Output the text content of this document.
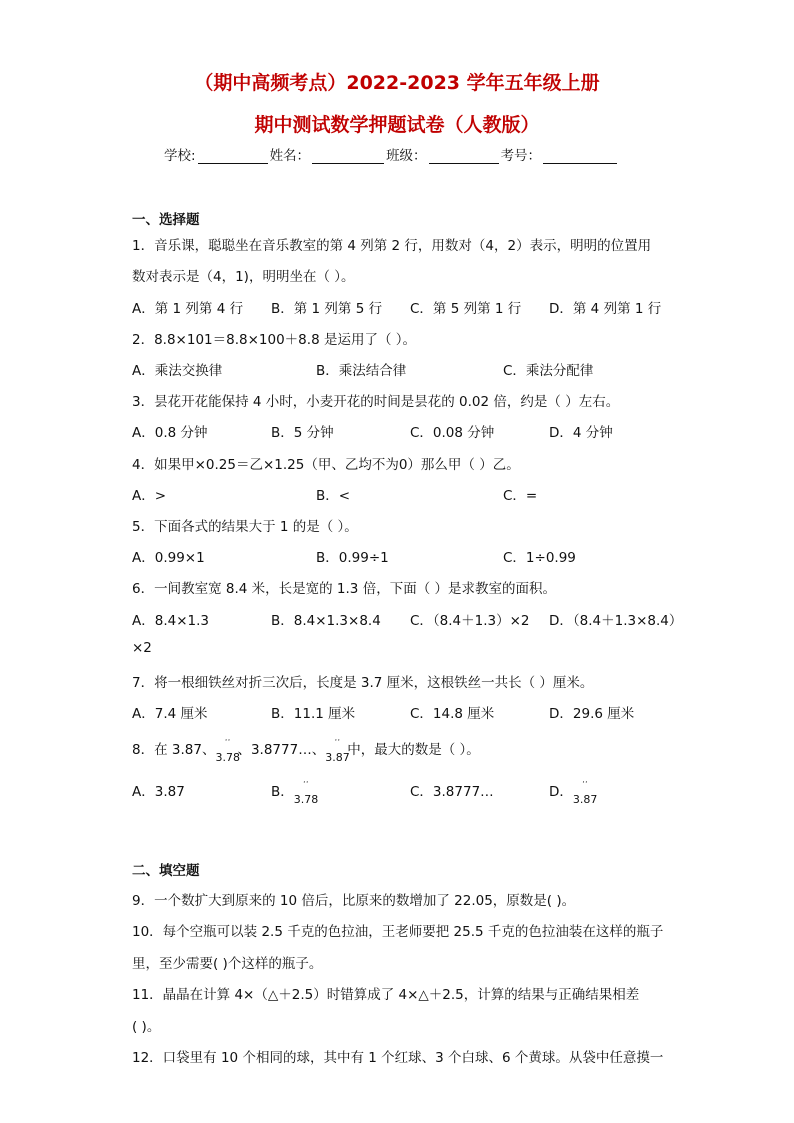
（期中高频考点）2022-2023 学年五年级上册
期中测试数学押题试卷（人教版）
学校:	姓名：	班级：	考号：
一、选择题
1．音乐课，聪聪坐在音乐教室的第 4 列第 2 行，用数对（4，2）表示，明明的位置用
数对表示是（4，1)，明明坐在（ ）。
A．第 1 列第 4 行 B．第 1 列第 5 行 C．第 5 列第 1 行 D．第 4 列第 1 行
2．8.8×101＝8.8×100＋8.8 是运用了（ ）。
A．乘法交换律	B．乘法结合律	C．乘法分配律
3．昙花开花能保持 4 小时，小麦开花的时间是昙花的 0.02 倍，约是（ ）左右。
A．0.8 分钟	B．5 分钟	C．0.08 分钟	D．4 分钟
4．如果甲×0.25＝乙×1.25（甲、乙均不为0）那么甲（ ）乙。
A．>	B．<	C．=
5．下面各式的结果大于 1 的是（ ）。
A．0.99×1	B．0.99÷1	C．1÷0.99
6．一间教室宽 8.4 米，长是宽的 1.3 倍，下面（ ）是求教室的面积。
A．8.4×1.3	B．8.4×1.3×8.4 C．（8.4＋1.3）×2 D．（8.4＋1.3×8.4）
×2
7．将一根细铁丝对折三次后，长度是 3.7 厘米，这根铁丝一共长（ ）厘米。
A．7.4 厘米	B．11.1 厘米	C．14.8 厘米	D．29.6 厘米
8．在 3.87、
··
3.78
、3.8777…、
··
3.87
中，最大的数是（ ）。
A．3.87	B．
··
3.78	C．3.8777…	D．
··
3.87
二、填空题
9．一个数扩大到原来的 10 倍后，比原来的数增加了 22.05，原数是( )。
10．每个空瓶可以装 2.5 千克的色拉油，王老师要把 25.5 千克的色拉油装在这样的瓶子
里，至少需要( )个这样的瓶子。
11．晶晶在计算 4×（△＋2.5）时错算成了 4×△＋2.5，计算的结果与正确结果相差
( )。
12．口袋里有 10 个相同的球，其中有 1 个红球、3 个白球、6 个黄球。从袋中任意摸一
